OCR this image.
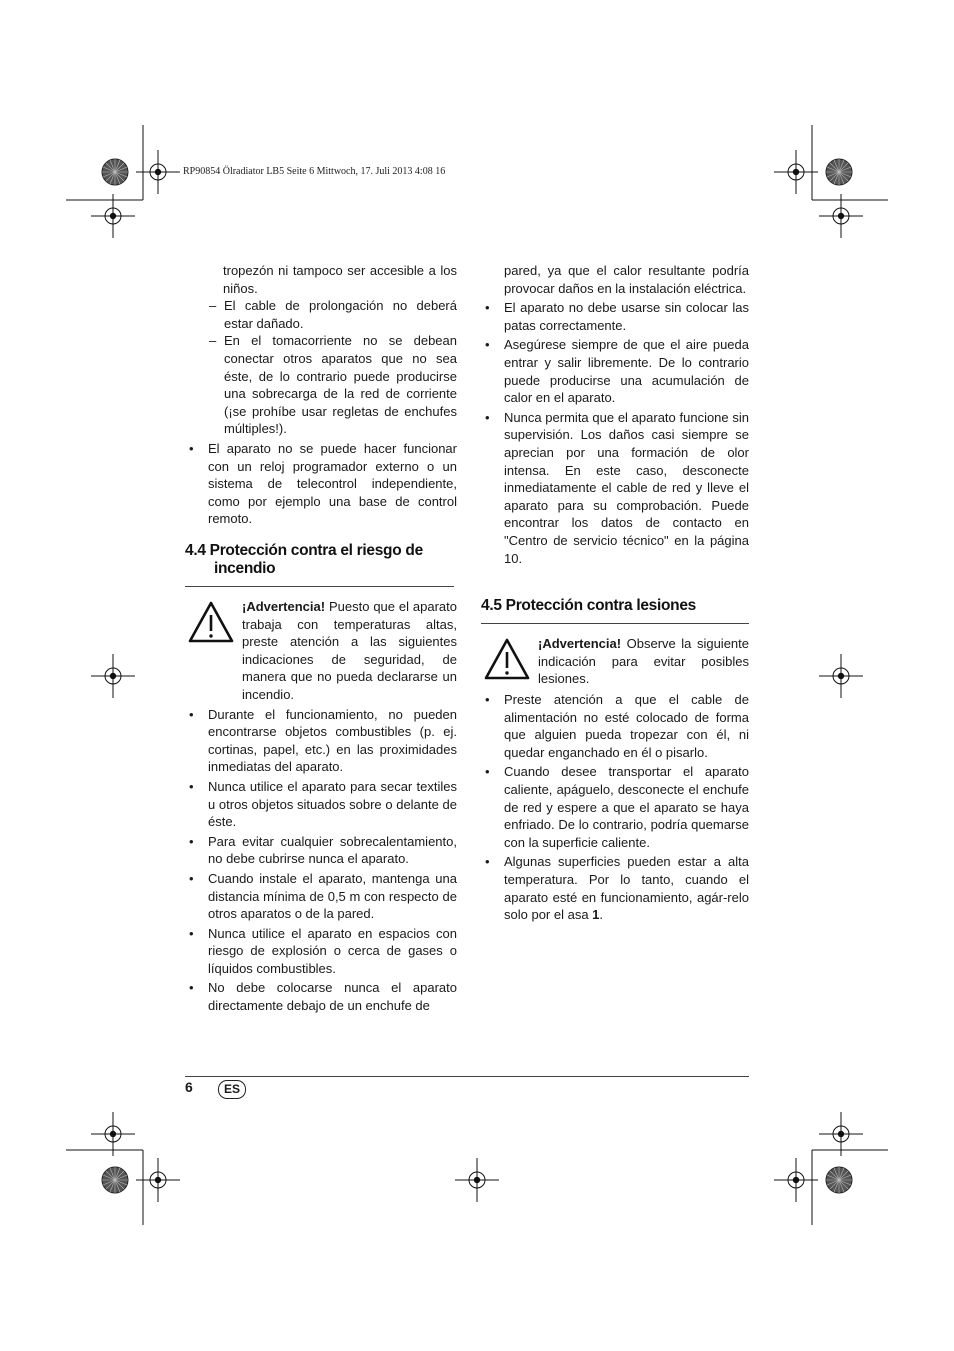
RP90854 Ölradiator LB5 Seite 6 Mittwoch, 17. Juli 2013 4:08 16

tropezón ni tampoco ser accesible a los niños.

– El cable de prolongación no deberá estar dañado.

– En el tomacorriente no se debean conectar otros aparatos que no sea éste, de lo contrario puede producirse una sobrecarga de la red de corriente (¡se prohíbe usar regletas de enchufes múltiples!).

• El aparato no se puede hacer funcionar con un reloj programador externo o un sistema de telecontrol independiente, como por ejemplo una base de control remoto.

4.4 Protección contra el riesgo de
incendio

¡Advertencia! Puesto que el aparato trabaja con temperaturas altas, preste atención a las siguientes indicaciones de seguridad, de manera que no pueda declararse un incendio.

• Durante el funcionamiento, no pueden encontrarse objetos combustibles (p. ej. cortinas, papel, etc.) en las proximidades inmediatas del aparato.

• Nunca utilice el aparato para secar textiles u otros objetos situados sobre o delante de éste.

• Para evitar cualquier sobrecalentamiento, no debe cubrirse nunca el aparato.

• Cuando instale el aparato, mantenga una distancia mínima de 0,5 m con respecto de otros aparatos o de la pared.

• Nunca utilice el aparato en espacios con riesgo de explosión o cerca de gases o líquidos combustibles.

• No debe colocarse nunca el aparato directamente debajo de un enchufe de

pared, ya que el calor resultante podría provocar daños en la instalación eléctrica.

• El aparato no debe usarse sin colocar las patas correctamente.

• Asegúrese siempre de que el aire pueda entrar y salir libremente. De lo contrario puede producirse una acumulación de calor en el aparato.

• Nunca permita que el aparato funcione sin supervisión. Los daños casi siempre se aprecian por una formación de olor intensa. En este caso, desconecte inmediatamente el cable de red y lleve el aparato para su comprobación. Puede encontrar los datos de contacto en "Centro de servicio técnico" en la página 10.

4.5 Protección contra lesiones

¡Advertencia! Observe la siguiente indicación para evitar posibles lesiones.

• Preste atención a que el cable de alimentación no esté colocado de forma que alguien pueda tropezar con él, ni quedar enganchado en él o pisarlo.

• Cuando desee transportar el aparato caliente, apáguelo, desconecte el enchufe de red y espere a que el aparato se haya enfriado. De lo contrario, podría quemarse con la superficie caliente.

• Algunas superficies pueden estar a alta temperatura. Por lo tanto, cuando el aparato esté en funcionamiento, agár-relo solo por el asa 1.

6	ES
